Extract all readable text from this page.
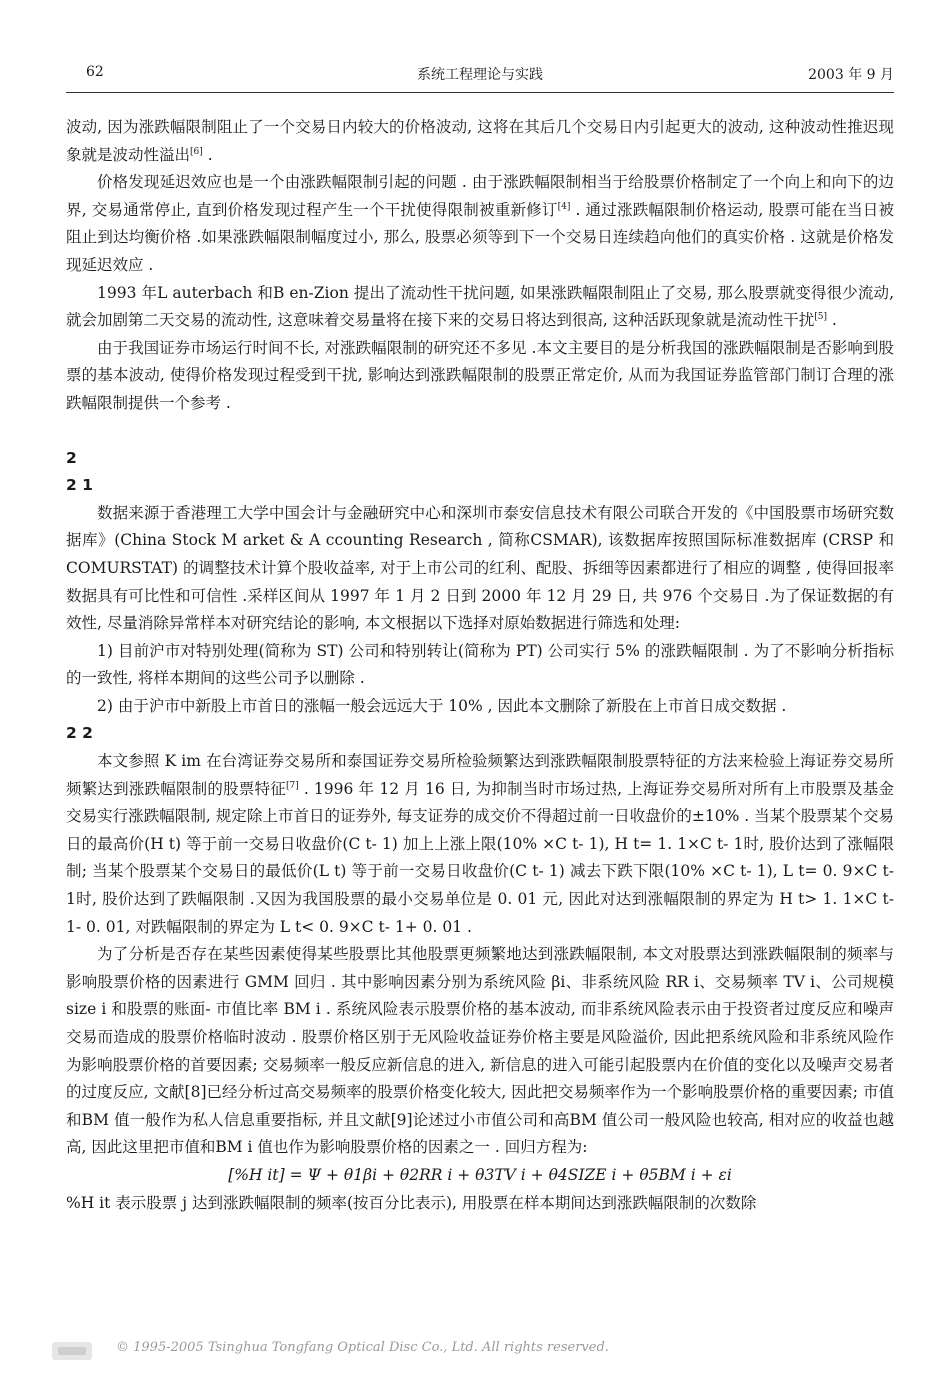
62	系统工程理论与实践	2003 年 9 月

波动, 因为涨跌幅限制阻止了一个交易日内较大的价格波动, 这将在其后几个交易日内引起更大的波动, 这种波动性推迟现象就是波动性溢出[6] .

价格发现延迟效应也是一个由涨跌幅限制引起的问题 . 由于涨跌幅限制相当于给股票价格制定了一个向上和向下的边界, 交易通常停止, 直到价格发现过程产生一个干扰使得限制被重新修订[4] . 通过涨跌幅限制价格运动, 股票可能在当日被阻止到达均衡价格 .如果涨跌幅限制幅度过小, 那么, 股票必须等到下一个交易日连续趋向他们的真实价格 . 这就是价格发现延迟效应 .

1993 年L auterbach 和B en-Zion 提出了流动性干扰问题, 如果涨跌幅限制阻止了交易, 那么股票就变得很少流动, 就会加剧第二天交易的流动性, 这意味着交易量将在接下来的交易日将达到很高, 这种活跃现象就是流动性干扰[5] .

由于我国证券市场运行时间不长, 对涨跌幅限制的研究还不多见 .本文主要目的是分析我国的涨跌幅限制是否影响到股票的基本波动, 使得价格发现过程受到干扰, 影响达到涨跌幅限制的股票正常定价, 从而为我国证券监管部门制订合理的涨跌幅限制提供一个参考 .

2

2 1

数据来源于香港理工大学中国会计与金融研究中心和深圳市泰安信息技术有限公司联合开发的《中国股票市场研究数据库》(China Stock M arket & A ccounting Research , 简称CSMAR), 该数据库按照国际标准数据库 (CRSP 和COMURSTAT) 的调整技术计算个股收益率, 对于上市公司的红利、配股、拆细等因素都进行了相应的调整 , 使得回报率数据具有可比性和可信性 .采样区间从 1997 年 1 月 2 日到 2000 年 12 月 29 日, 共 976 个交易日 .为了保证数据的有效性, 尽量消除异常样本对研究结论的影响, 本文根据以下选择对原始数据进行筛选和处理:

1) 目前沪市对特别处理(简称为 ST) 公司和特别转让(简称为 PT) 公司实行 5% 的涨跌幅限制 . 为了不影响分析指标的一致性, 将样本期间的这些公司予以删除 .

2) 由于沪市中新股上市首日的涨幅一般会远远大于 10% , 因此本文删除了新股在上市首日成交数据 .

2 2

本文参照 K im 在台湾证券交易所和泰国证券交易所检验频繁达到涨跌幅限制股票特征的方法来检验上海证券交易所频繁达到涨跌幅限制的股票特征[7] . 1996 年 12 月 16 日, 为抑制当时市场过热, 上海证券交易所对所有上市股票及基金交易实行涨跌幅限制, 规定除上市首日的证券外, 每支证券的成交价不得超过前一日收盘价的±10% . 当某个股票某个交易日的最高价(H t) 等于前一交易日收盘价(C t- 1) 加上上涨上限(10% ×C t- 1), H t= 1. 1×C t- 1时, 股价达到了涨幅限制; 当某个股票某个交易日的最低价(L t) 等于前一交易日收盘价(C t- 1) 减去下跌下限(10% ×C t- 1), L t= 0. 9×C t- 1时, 股价达到了跌幅限制 .又因为我国股票的最小交易单位是 0. 01 元, 因此对达到涨幅限制的界定为 H t> 1. 1×C t- 1- 0. 01, 对跌幅限制的界定为 L t< 0. 9×C t- 1+ 0. 01 .

为了分析是否存在某些因素使得某些股票比其他股票更频繁地达到涨跌幅限制, 本文对股票达到涨跌幅限制的频率与影响股票价格的因素进行 GMM 回归 . 其中影响因素分别为系统风险 βi、非系统风险 RR i、交易频率 TV i、公司规模 size i 和股票的账面- 市值比率 BM i . 系统风险表示股票价格的基本波动, 而非系统风险表示由于投资者过度反应和噪声交易而造成的股票价格临时波动 . 股票价格区别于无风险收益证券价格主要是风险溢价, 因此把系统风险和非系统风险作为影响股票价格的首要因素; 交易频率一般反应新信息的进入, 新信息的进入可能引起股票内在价值的变化以及噪声交易者的过度反应, 文献[8]已经分析过高交易频率的股票价格变化较大, 因此把交易频率作为一个影响股票价格的重要因素; 市值和BM 值一般作为私人信息重要指标, 并且文献[9]论述过小市值公司和高BM 值公司一般风险也较高, 相对应的收益也越高, 因此这里把市值和BM i 值也作为影响股票价格的因素之一 . 回归方程为:

[%H it] = Ψ + θ1βi + θ2RR i + θ3TV i + θ4SIZE i + θ5BM i + εi

%H it 表示股票 j 达到涨跌幅限制的频率(按百分比表示), 用股票在样本期间达到涨跌幅限制的次数除

© 1995-2005 Tsinghua Tongfang Optical Disc Co., Ltd. All rights reserved.
